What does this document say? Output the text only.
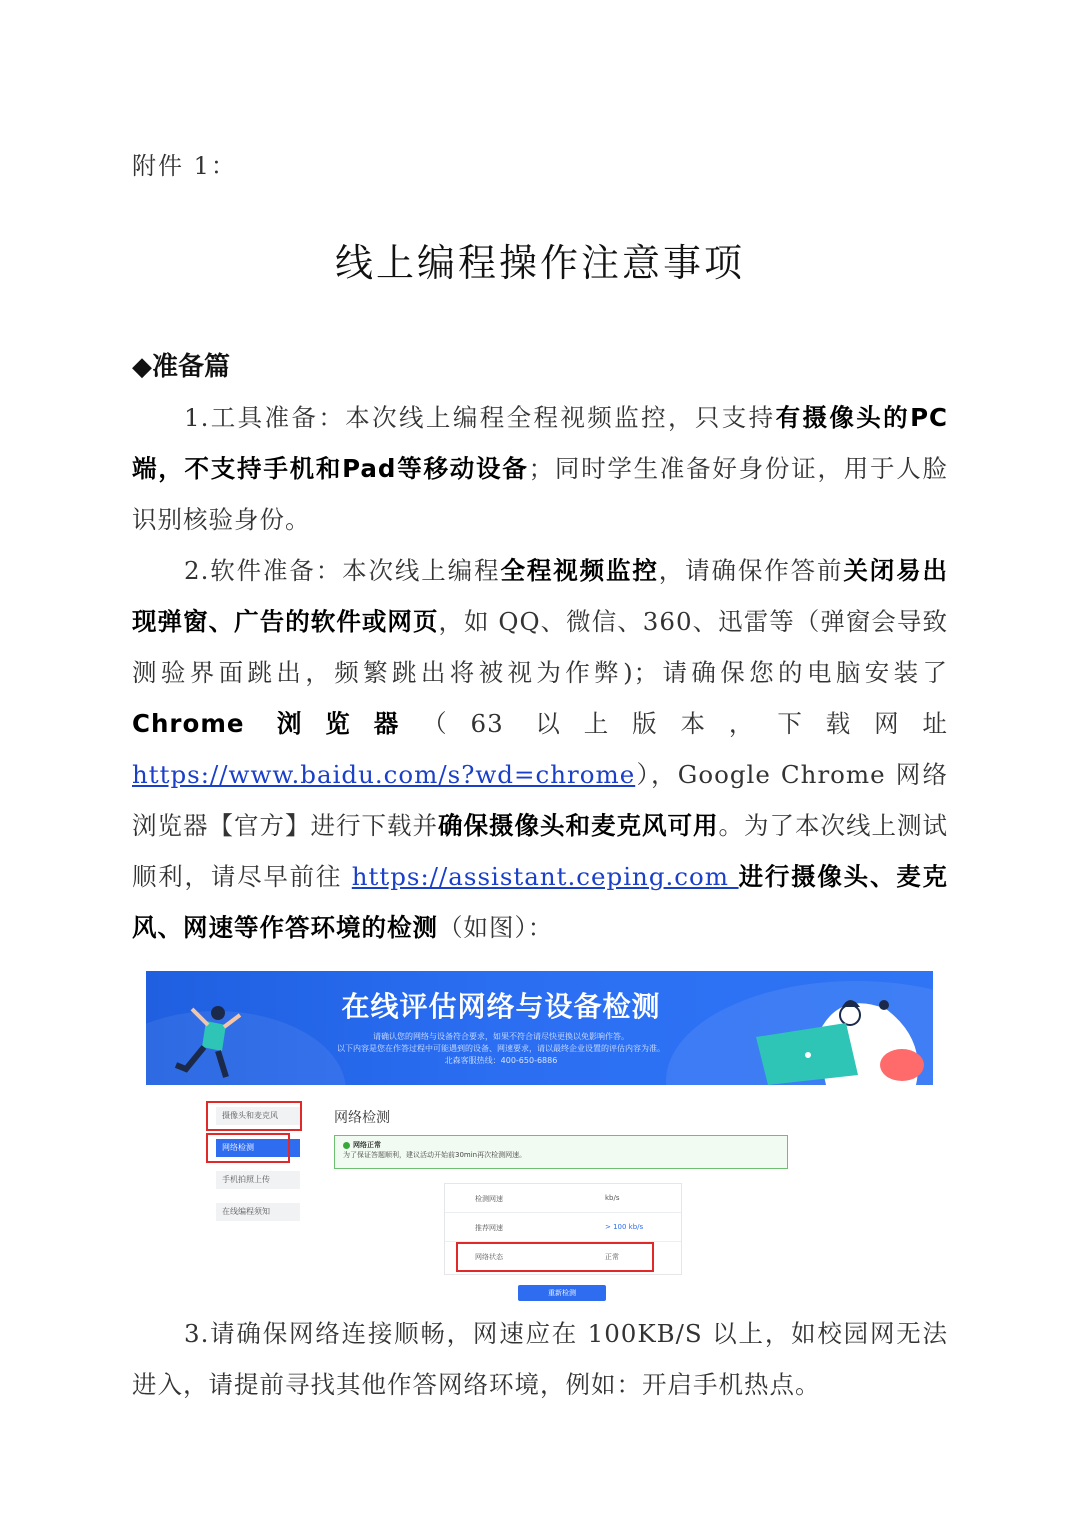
附件 1：
线上编程操作注意事项
◆准备篇
1.工具准备：本次线上编程全程视频监控，只支持有摄像头的PC端，不支持手机和Pad等移动设备；同时学生准备好身份证，用于人脸识别核验身份。
2.软件准备：本次线上编程全程视频监控，请确保作答前关闭易出现弹窗、广告的软件或网页，如 QQ、微信、360、迅雷等（弹窗会导致测验界面跳出，频繁跳出将被视为作弊)；请确保您的电脑安装了 Chrome 浏览器（63 以上版本，下载网址 https://www.baidu.com/s?wd=chrome），Google Chrome 网络浏览器【官方】进行下载并确保摄像头和麦克风可用。为了本次线上测试顺利，请尽早前往 https://assistant.ceping.com 进行摄像头、麦克风、网速等作答环境的检测（如图）：
在线评估网络与设备检测
请确认您的网络与设备符合要求，如果不符合请尽快更换以免影响作答。
以下内容是您在作答过程中可能遇到的设备、网速要求，请以最终企业设置的评估内容为准。
北森客服热线：400-650-6886
摄像头和麦克风
网络检测
手机拍照上传
在线编程须知
网络检测
网络正常
为了保证答题顺利，建议活动开始前30min再次检测网速。
检测网速	kb/s
推荐网速	> 100 kb/s
网络状态	正常
重新检测
3.请确保网络连接顺畅，网速应在 100KB/S 以上，如校园网无法进入，请提前寻找其他作答网络环境，例如：开启手机热点。
